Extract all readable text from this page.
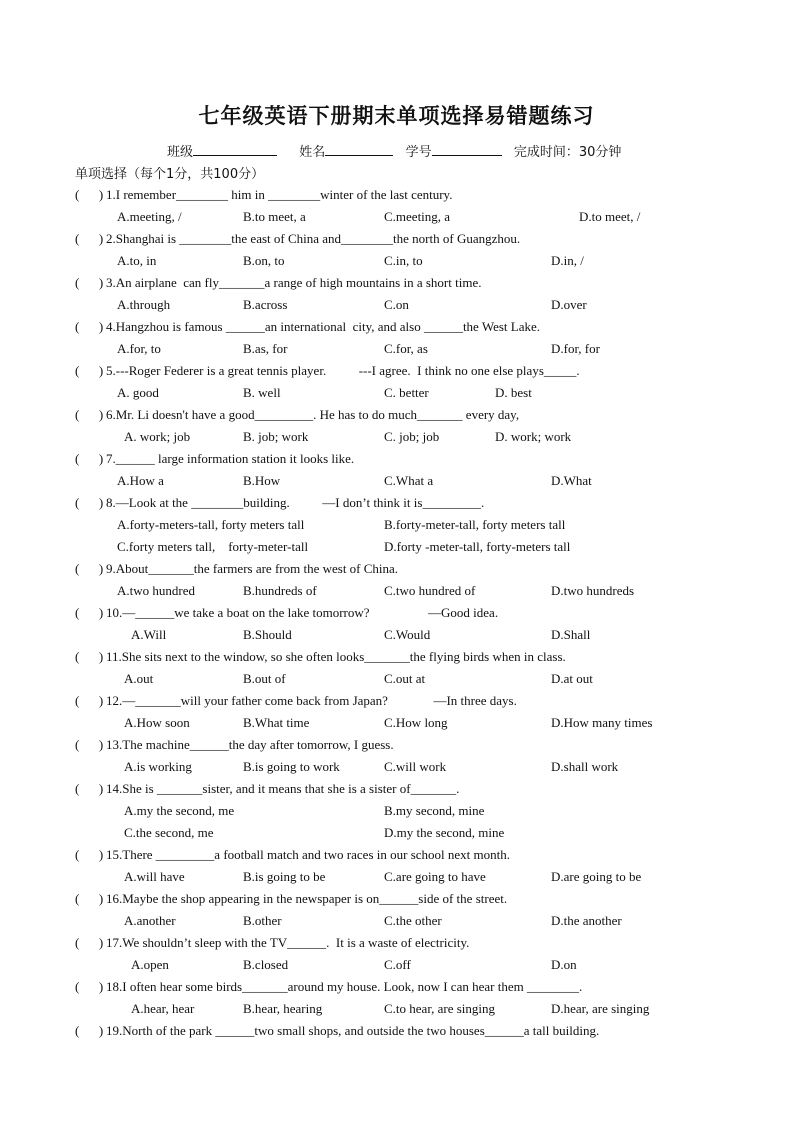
七年级英语下册期末单项选择易错题练习
班级	姓名	学号	完成时间：30分钟
单项选择（每个1分，共100分）
(      ) 1.I remember________ him in ________winter of the last century.
A.meeting, /	B.to meet, a	C.meeting, a	D.to meet, /
(      ) 2.Shanghai is ________the east of China and________the north of Guangzhou.
A.to, in	B.on, to	C.in, to	D.in, /
(      ) 3.An airplane  can fly_______a range of high mountains in a short time.
A.through	B.across	C.on	D.over
(      ) 4.Hangzhou is famous ______an international  city, and also ______the West Lake.
A.for, to	B.as, for	C.for, as	D.for, for
(      ) 5.---Roger Federer is a great tennis player.          ---I agree.  I think no one else plays_____.
A. good	B. well	C. better	D. best
(      ) 6.Mr. Li doesn't have a good_________. He has to do much_______ every day,
A. work; job	B. job; work	C. job; job	D. work; work
(      ) 7.______ large information station it looks like.
A.How a	B.How	C.What a	D.What
(      ) 8.—Look at the ________building.          —I don’t think it is_________.
A.forty-meters-tall, forty meters tall	B.forty-meter-tall, forty meters tall
C.forty meters tall,    forty-meter-tall	D.forty -meter-tall, forty-meters tall
(      ) 9.About_______the farmers are from the west of China.
A.two hundred	B.hundreds of	C.two hundred of	D.two hundreds
(      ) 10.—______we take a boat on the lake tomorrow?                  —Good idea.
A.Will	B.Should	C.Would	D.Shall
(      ) 11.She sits next to the window, so she often looks_______the flying birds when in class.
A.out	B.out of	C.out at	D.at out
(      ) 12.—_______will your father come back from Japan?              —In three days.
A.How soon	B.What time	C.How long	D.How many times
(      ) 13.The machine______the day after tomorrow, I guess.
A.is working	B.is going to work	C.will work	D.shall work
(      ) 14.She is _______sister, and it means that she is a sister of_______.
A.my the second, me	B.my second, mine
C.the second, me	D.my the second, mine
(      ) 15.There _________a football match and two races in our school next month.
A.will have	B.is going to be	C.are going to have	D.are going to be
(      ) 16.Maybe the shop appearing in the newspaper is on______side of the street.
A.another	B.other	C.the other	D.the another
(      ) 17.We shouldn’t sleep with the TV______.  It is a waste of electricity.
A.open	B.closed	C.off	D.on
(      ) 18.I often hear some birds_______around my house. Look, now I can hear them ________.
A.hear, hear	B.hear, hearing	C.to hear, are singing	D.hear, are singing
(      ) 19.North of the park ______two small shops, and outside the two houses______a tall building.
